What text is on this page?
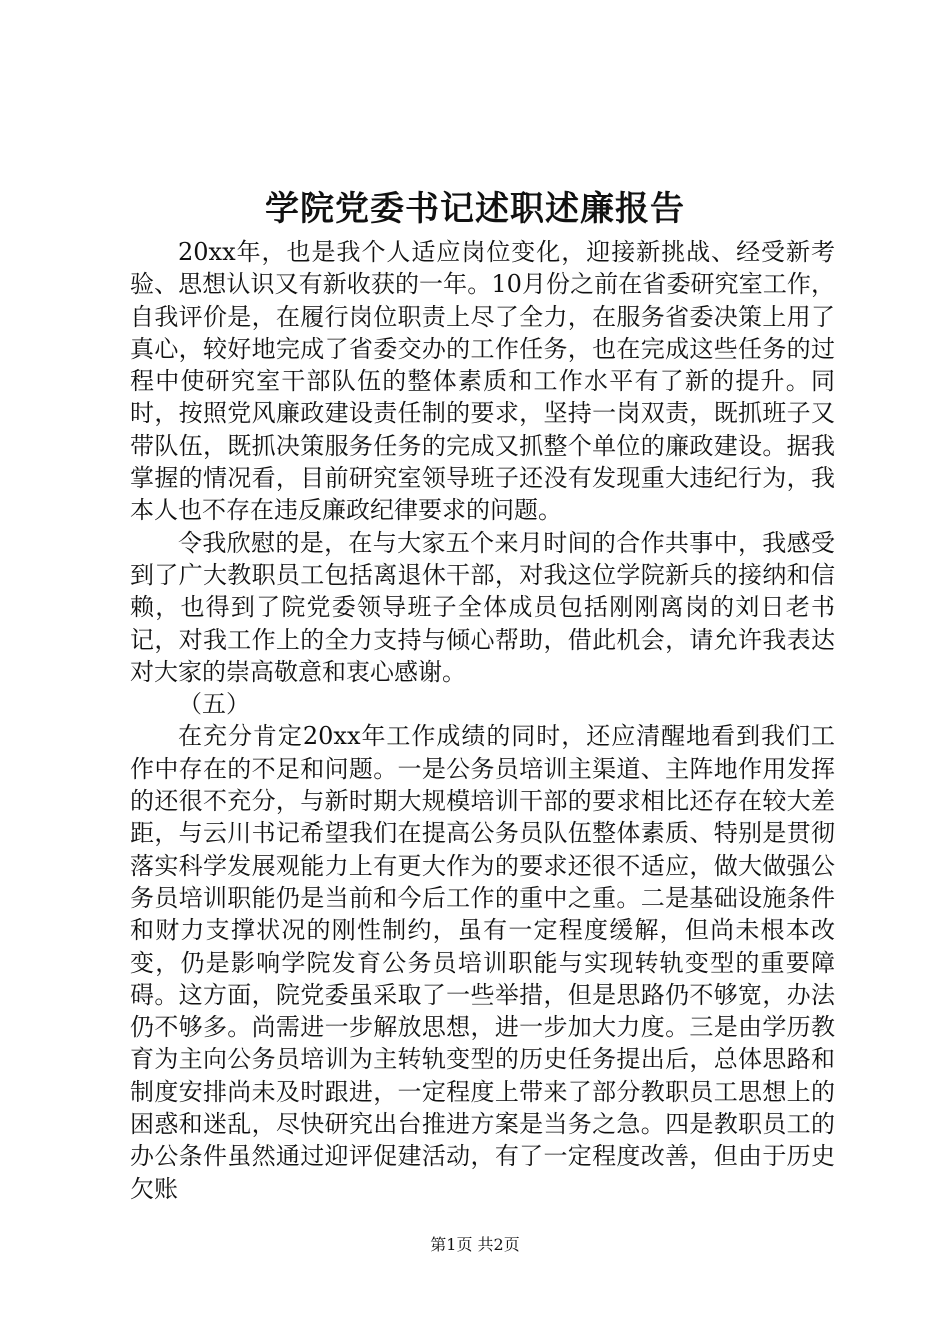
学院党委书记述职述廉报告

20xx年，也是我个人适应岗位变化，迎接新挑战、经受新考验、思想认识又有新收获的一年。10月份之前在省委研究室工作，自我评价是，在履行岗位职责上尽了全力，在服务省委决策上用了真心，较好地完成了省委交办的工作任务，也在完成这些任务的过程中使研究室干部队伍的整体素质和工作水平有了新的提升。同时，按照党风廉政建设责任制的要求，坚持一岗双责，既抓班子又带队伍，既抓决策服务任务的完成又抓整个单位的廉政建设。据我掌握的情况看，目前研究室领导班子还没有发现重大违纪行为，我本人也不存在违反廉政纪律要求的问题。

令我欣慰的是，在与大家五个来月时间的合作共事中，我感受到了广大教职员工包括离退休干部，对我这位学院新兵的接纳和信赖，也得到了院党委领导班子全体成员包括刚刚离岗的刘日老书记，对我工作上的全力支持与倾心帮助，借此机会，请允许我表达对大家的崇高敬意和衷心感谢。

（五）

在充分肯定20xx年工作成绩的同时，还应清醒地看到我们工作中存在的不足和问题。一是公务员培训主渠道、主阵地作用发挥的还很不充分，与新时期大规模培训干部的要求相比还存在较大差距，与云川书记希望我们在提高公务员队伍整体素质、特别是贯彻落实科学发展观能力上有更大作为的要求还很不适应，做大做强公务员培训职能仍是当前和今后工作的重中之重。二是基础设施条件和财力支撑状况的刚性制约，虽有一定程度缓解，但尚未根本改变，仍是影响学院发育公务员培训职能与实现转轨变型的重要障碍。这方面，院党委虽采取了一些举措，但是思路仍不够宽，办法仍不够多。尚需进一步解放思想，进一步加大力度。三是由学历教育为主向公务员培训为主转轨变型的历史任务提出后，总体思路和制度安排尚未及时跟进，一定程度上带来了部分教职员工思想上的困惑和迷乱，尽快研究出台推进方案是当务之急。四是教职员工的办公条件虽然通过迎评促建活动，有了一定程度改善，但由于历史欠账

第1页 共2页
